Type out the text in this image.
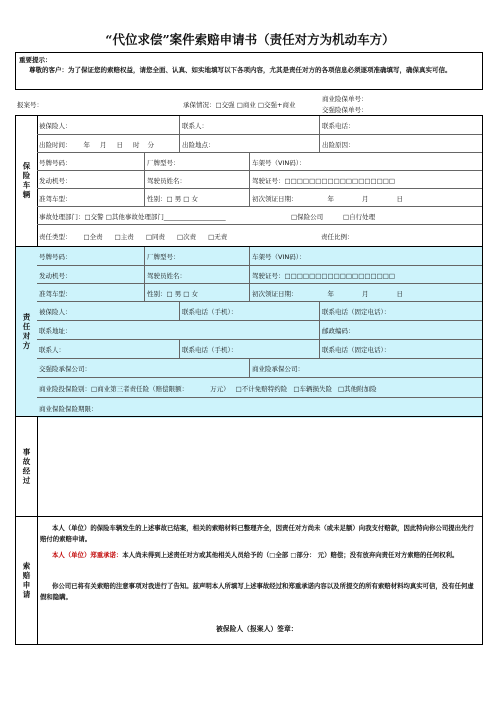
“代位求偿”案件索赔申请书（责任对方为机动车方）
重要提示：
尊敬的客户：为了保证您的索赔权益，请您全面、认真、如实地填写以下各项内容，尤其是责任对方的各项信息必须逐项准确填写，确保真实可信。
报案号：	承保情况：□交强 □商业 □交强+商业
商业险保单号：
交强险保单号：
保险车辆
被保险人：	联系人：	联系电话：
出险时间： 年 月 日 时 分	出险地点：	出险原因：
号牌号码：	厂牌型号：	车架号（VIN码）：
发动机号：	驾驶员姓名：	驾驶证号：□□□□□□□□□□□□□□□□□□
准驾车型：	性别：□ 男 □ 女	初次领证日期：	年	月	日
事故处理部门：□交警 □其他事故处理部门___________________	□保险公司	□自行处理
责任类型： □全责 □主责 □同责 □次责 □无责	责任比例：
责任对方
号牌号码：	厂牌型号：	车架号（VIN码）：
发动机号：	驾驶员姓名：	驾驶证号：□□□□□□□□□□□□□□□□□□
准驾车型：	性别：□ 男 □ 女	初次领证日期：	年	月	日
被保险人：	联系电话（手机）：	联系电话（固定电话）：
联系地址：	邮政编码：
联系人：	联系电话（手机）：	联系电话（固定电话）：
交强险承保公司：	商业险承保公司：
商业险投保险别：□商业第三者责任险（赔偿限额：	万元） □不计免赔特约险 □车辆损失险 □其他附加险
商业保险保险期限：
事故经过
索赔申请
本人（单位）的保险车辆发生的上述事故已结案，相关的索赔材料已整理齐全，因责任对方尚未（或未足额）向我支付赔款，因此特向你公司提出先行赔付的索赔申请。
本人（单位）郑重承诺：本人尚未得到上述责任对方或其他相关人员给予的（□全部 □部分： 元）赔偿；没有放弃向责任对方索赔的任何权利。
你公司已将有关索赔的注意事项对我进行了告知。兹声明本人所填写上述事故经过和郑重承诺内容以及所提交的所有索赔材料均真实可信，没有任何虚假和隐瞒。
被保险人（报案人）签章：
